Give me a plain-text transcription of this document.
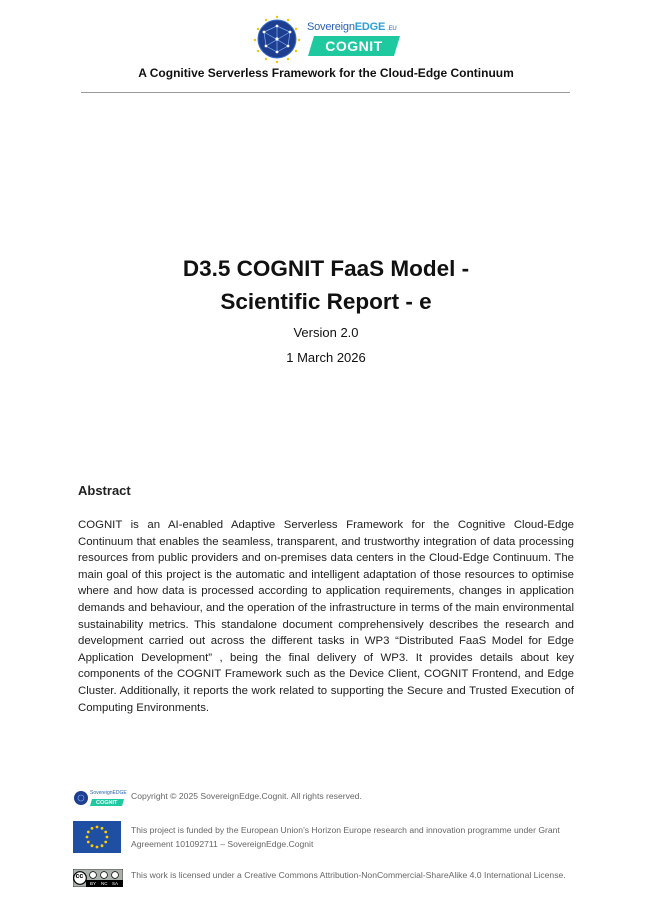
SovereignEDGE .EU
COGNIT
A Cognitive Serverless Framework for the Cloud-Edge Continuum
D3.5 COGNIT FaaS Model -
Scientific Report - e
Version 2.0
1 March 2026
Abstract

COGNIT is an AI-enabled Adaptive Serverless Framework for the Cognitive Cloud-Edge Continuum that enables the seamless, transparent, and trustworthy integration of data processing resources from public providers and on-premises data centers in the Cloud-Edge Continuum. The main goal of this project is the automatic and intelligent adaptation of those resources to optimise where and how data is processed according to application requirements, changes in application demands and behaviour, and the operation of the infrastructure in terms of the main environmental sustainability metrics. This standalone document comprehensively describes the research and development carried out across the different tasks in WP3 “Distributed FaaS Model for Edge Application Development” , being the final delivery of WP3. It provides details about key components of the COGNIT Framework such as the Device Client, COGNIT Frontend, and Edge Cluster. Additionally, it reports the work related to supporting the Secure and Trusted Execution of Computing Environments.

SovereignEDGE
COGNIT
Copyright © 2025 SovereignEdge.Cognit. All rights reserved.
This project is funded by the European Union’s Horizon Europe research and innovation programme under Grant Agreement 101092711 – SovereignEdge.Cognit
cc
BY NC SA
This work is licensed under a Creative Commons Attribution-NonCommercial-ShareAlike 4.0 International License.
